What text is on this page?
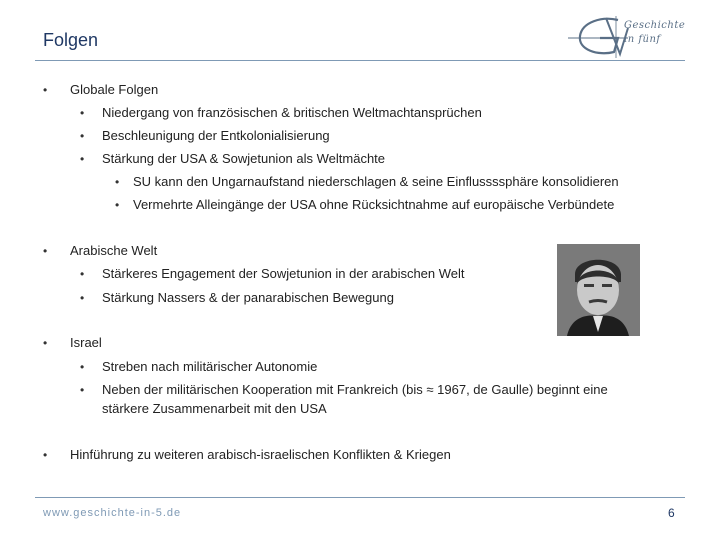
Folgen
Geschichte
in fünf
• Globale Folgen
• Niedergang von französischen & britischen Weltmachtansprüchen
• Beschleunigung der Entkolonialisierung
• Stärkung der USA & Sowjetunion als Weltmächte
• SU kann den Ungarnaufstand niederschlagen & seine Einflussssphäre konsolidieren
• Vermehrte Alleingänge der USA ohne Rücksichtnahme auf europäische Verbündete
• Arabische Welt
• Stärkeres Engagement der Sowjetunion in der arabischen Welt
• Stärkung Nassers & der panarabischen Bewegung
• Israel
• Streben nach militärischer Autonomie
• Neben der militärischen Kooperation mit Frankreich (bis ≈ 1967, de Gaulle) beginnt eine
stärkere Zusammenarbeit mit den USA
• Hinführung zu weiteren arabisch-israelischen Konflikten & Kriegen
www.geschichte-in-5.de	6
